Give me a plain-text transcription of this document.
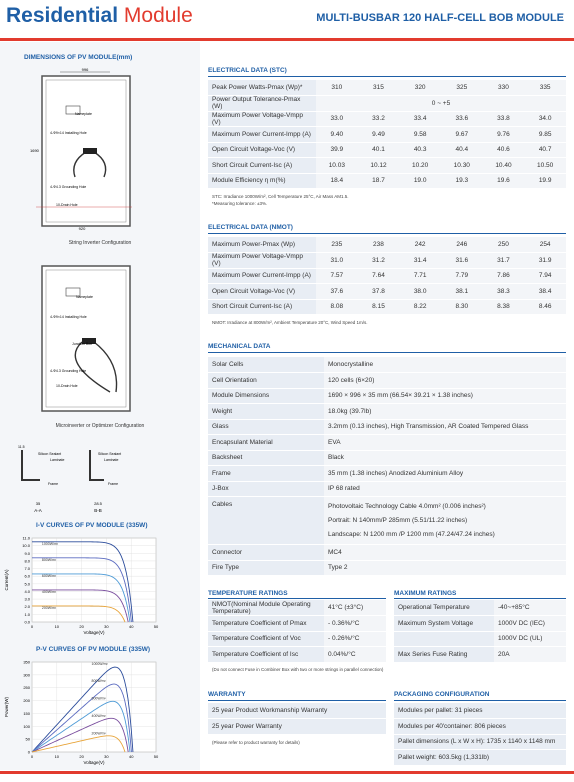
Residential Module	MULTI-BUSBAR 120 HALF-CELL BOB MODULE
DIMENSIONS OF PV MODULE(mm)
996
1690
Nameplate
4-Φ9×14 Installing Hole
4-Φ4.3 Grounding Hole
10-Drain Hole
920
Nameplate
4-Φ9×14 Installing Hole
Junction Box
4-Φ4.3 Grounding Hole
10-Drain Hole
Silicon Sealant
Laminate
Frame
11.5
Silicon Sealant
Laminate
Frame
String Inverter Configuration
Microinverter or Optimizer Configuration
35	28.5
A-A	B-B
I-V CURVES OF PV MODULE (335W)
11.0
10.0
9.0
8.0
7.0
6.0
5.0
4.0
3.0
2.0
1.0
0.0
0	10	20	30	40	50
Voltage(V)
Current(A)
1000W/m²
800W/m²
600W/m²
400W/m²
200W/m²
P-V CURVES OF PV MODULE (335W)
350
300
250
200
150
100
50
0
0	10	20	30	40	50
Voltage(V)
Power(W)
1000W/m²
800W/m²
600W/m²
400W/m²
200W/m²
ELECTRICAL DATA (STC)
Peak Power Watts-Pmax (Wp)*	310	315	320	325	330	335
Power Output Tolerance-Pmax (W)	0 ~ +5					
Maximum Power Voltage-Vmpp (V)	33.0	33.2	33.4	33.6	33.8	34.0
Maximum Power Current-Impp (A)	9.40	9.49	9.58	9.67	9.76	9.85
Open Circuit Voltage-Voc (V)	39.9	40.1	40.3	40.4	40.6	40.7
Short Circuit Current-Isc (A)	10.03	10.12	10.20	10.30	10.40	10.50
Module Efficiency η m(%)	18.4	18.7	19.0	19.3	19.6	19.9
STC: Irradiance 1000W/m², Cell Temperature 25°C, Air Mass AM1.5.
*Measuring tolerance: ±3%.
ELECTRICAL DATA (NMOT)
Maximum Power-Pmax (Wp)	235	238	242	246	250	254
Maximum Power Voltage-Vmpp (V)	31.0	31.2	31.4	31.6	31.7	31.9
Maximum Power Current-Impp (A)	7.57	7.64	7.71	7.79	7.86	7.94
Open Circuit Voltage-Voc (V)	37.6	37.8	38.0	38.1	38.3	38.4
Short Circuit Current-Isc (A)	8.08	8.15	8.22	8.30	8.38	8.46
NMOT: Irradiance at 800W/m², Ambient Temperature 20°C, Wind Speed 1m/s.
MECHANICAL DATA
Solar Cells	Monocrystalline
Cell Orientation	120 cells (6×20)
Module Dimensions	1690 × 996 × 35 mm (66.54× 39.21 × 1.38 inches)
Weight	18.0kg (39.7lb)
Glass	3.2mm (0.13 inches), High Transmission, AR Coated Tempered Glass
Encapsulant Material	EVA
Backsheet	Black
Frame	35 mm (1.38 inches) Anodized Aluminium Alloy
J-Box	IP 68 rated
Cables	Photovoltaic Technology Cable 4.0mm² (0.006 inches²)
Portrait: N 140mm/P 285mm (5.51/11.22 inches)
Landscape: N 1200 mm /P 1200 mm (47.24/47.24 inches)

Connector	MC4
Fire Type	Type 2
TEMPERATURE RATINGS
NMOT(Nominal Module Operating Temperature)	41°C (±3°C)
Temperature Coefficient of Pmax	- 0.36%/°C
Temperature Coefficient of Voc	- 0.26%/°C
Temperature Coefficient of Isc	0.04%/°C
MAXIMUM RATINGS
Operational Temperature	-40~+85°C
Maximum System Voltage	1000V DC (IEC)
	1000V DC (UL)
Max Series Fuse Rating	20A
(Do not connect Fuse in Combiner Box with two or more strings in parallel connection)
WARRANTY
25 year Product Workmanship Warranty
25 year Power Warranty
(Please refer to product warranty for details)
PACKAGING CONFIGURATION
Modules per pallet: 31 pieces
Modules per 40'container: 806 pieces
Pallet dimensions (L x W x H): 1735 x 1140 x 1148 mm
Pallet weight: 603.5kg (1,331lb)
